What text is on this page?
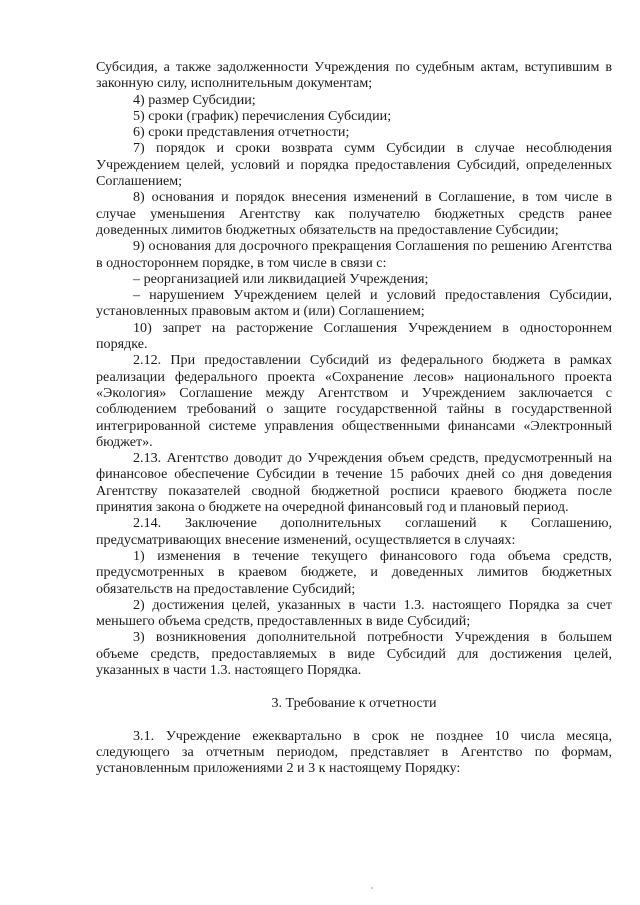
Субсидия, а также задолженности Учреждения по судебным актам, вступившим в законную силу, исполнительным документам;

4) размер Субсидии;

5) сроки (график) перечисления Субсидии;

6) сроки представления отчетности;

7) порядок и сроки возврата сумм Субсидии в случае несоблюдения Учреждением целей, условий и порядка предоставления Субсидий, определенных Соглашением;

8) основания и порядок внесения изменений в Соглашение, в том числе в случае уменьшения Агентству как получателю бюджетных средств ранее доведенных лимитов бюджетных обязательств на предоставление Субсидии;

9) основания для досрочного прекращения Соглашения по решению Агентства в одностороннем порядке, в том числе в связи с:

– реорганизацией или ликвидацией Учреждения;

– нарушением Учреждением целей и условий предоставления Субсидии, установленных правовым актом и (или) Соглашением;

10) запрет на расторжение Соглашения Учреждением в одностороннем порядке.

2.12. При предоставлении Субсидий из федерального бюджета в рамках реализации федерального проекта «Сохранение лесов» национального проекта «Экология» Соглашение между Агентством и Учреждением заключается с соблюдением требований о защите государственной тайны в государственной интегрированной системе управления общественными финансами «Электронный бюджет».

2.13. Агентство доводит до Учреждения объем средств, предусмотренный на финансовое обеспечение Субсидии в течение 15 рабочих дней со дня доведения Агентству показателей сводной бюджетной росписи краевого бюджета после принятия закона о бюджете на очередной финансовый год и плановый период.

2.14. Заключение дополнительных соглашений к Соглашению, предусматривающих внесение изменений, осуществляется в случаях:

1) изменения в течение текущего финансового года объема средств, предусмотренных в краевом бюджете, и доведенных лимитов бюджетных обязательств на предоставление Субсидий;

2) достижения целей, указанных в части 1.3. настоящего Порядка за счет меньшего объема средств, предоставленных в виде Субсидий;

3) возникновения дополнительной потребности Учреждения в большем объеме средств, предоставляемых в виде Субсидий для достижения целей, указанных в части 1.3. настоящего Порядка.

3. Требование к отчетности

3.1. Учреждение ежеквартально в срок не позднее 10 числа месяца, следующего за отчетным периодом, представляет в Агентство по формам, установленным приложениями 2 и 3 к настоящему Порядку:
